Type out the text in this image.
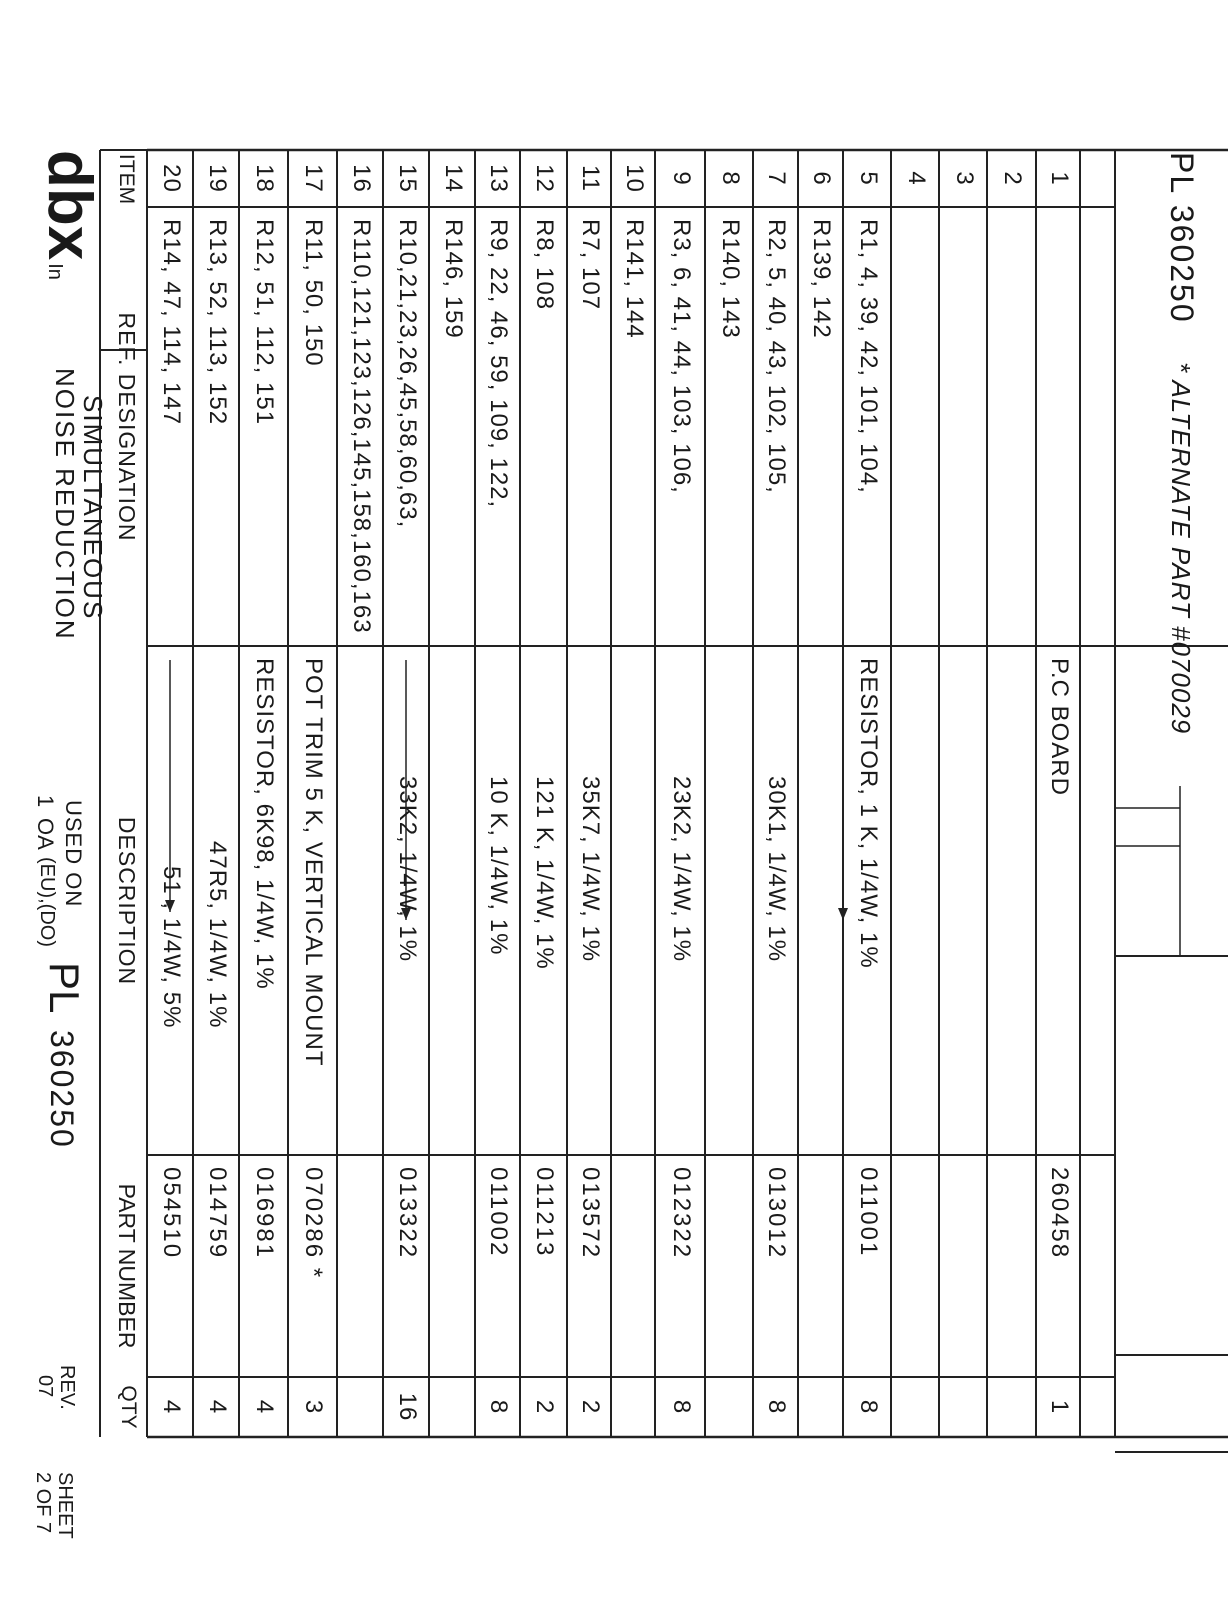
dbxIn
SIMULTANEOUS
NOISE REDUCTION
USED ON
1
OA
(EU),(DO)
PL
360250
REV.
07
SHEET
2 OF 7
ITEM
REF. DESIGNATION
DESCRIPTION
PART NUMBER
QTY
1
P.C BOARD
260458
1
2
3
4
5
R1, 4, 39, 42, 101, 104,
RESISTOR, 1 K, 1/4W, 1%
011001
8
6
R139, 142
7
R2, 5, 40, 43, 102, 105,
30K1, 1/4W, 1%
013012
8
8
R140, 143
9
R3, 6, 41, 44, 103, 106,
23K2, 1/4W, 1%
012322
8
10
R141, 144
11
R7, 107
35K7, 1/4W, 1%
013572
2
12
R8, 108
121 K, 1/4W, 1%
011213
2
13
R9, 22, 46, 59, 109, 122,
10 K, 1/4W, 1%
011002
8
14
R146, 159
15
R10,21,23,26,45,58,60,63,
33K2, 1/4W, 1%
013322
16
16
R110,121,123,126,145,158,160,163
17
R11, 50, 150
POT TRIM 5 K, VERTICAL MOUNT
070286 *
3
18
R12, 51, 112, 151
RESISTOR, 6K98, 1/4W, 1%
016981
4
19
R13, 52, 113, 152
47R5, 1/4W, 1%
014759
4
20
R14, 47, 114, 147
51 , 1/4W, 5%
054510
4
PL 360250
* ALTERNATE PART #070029
